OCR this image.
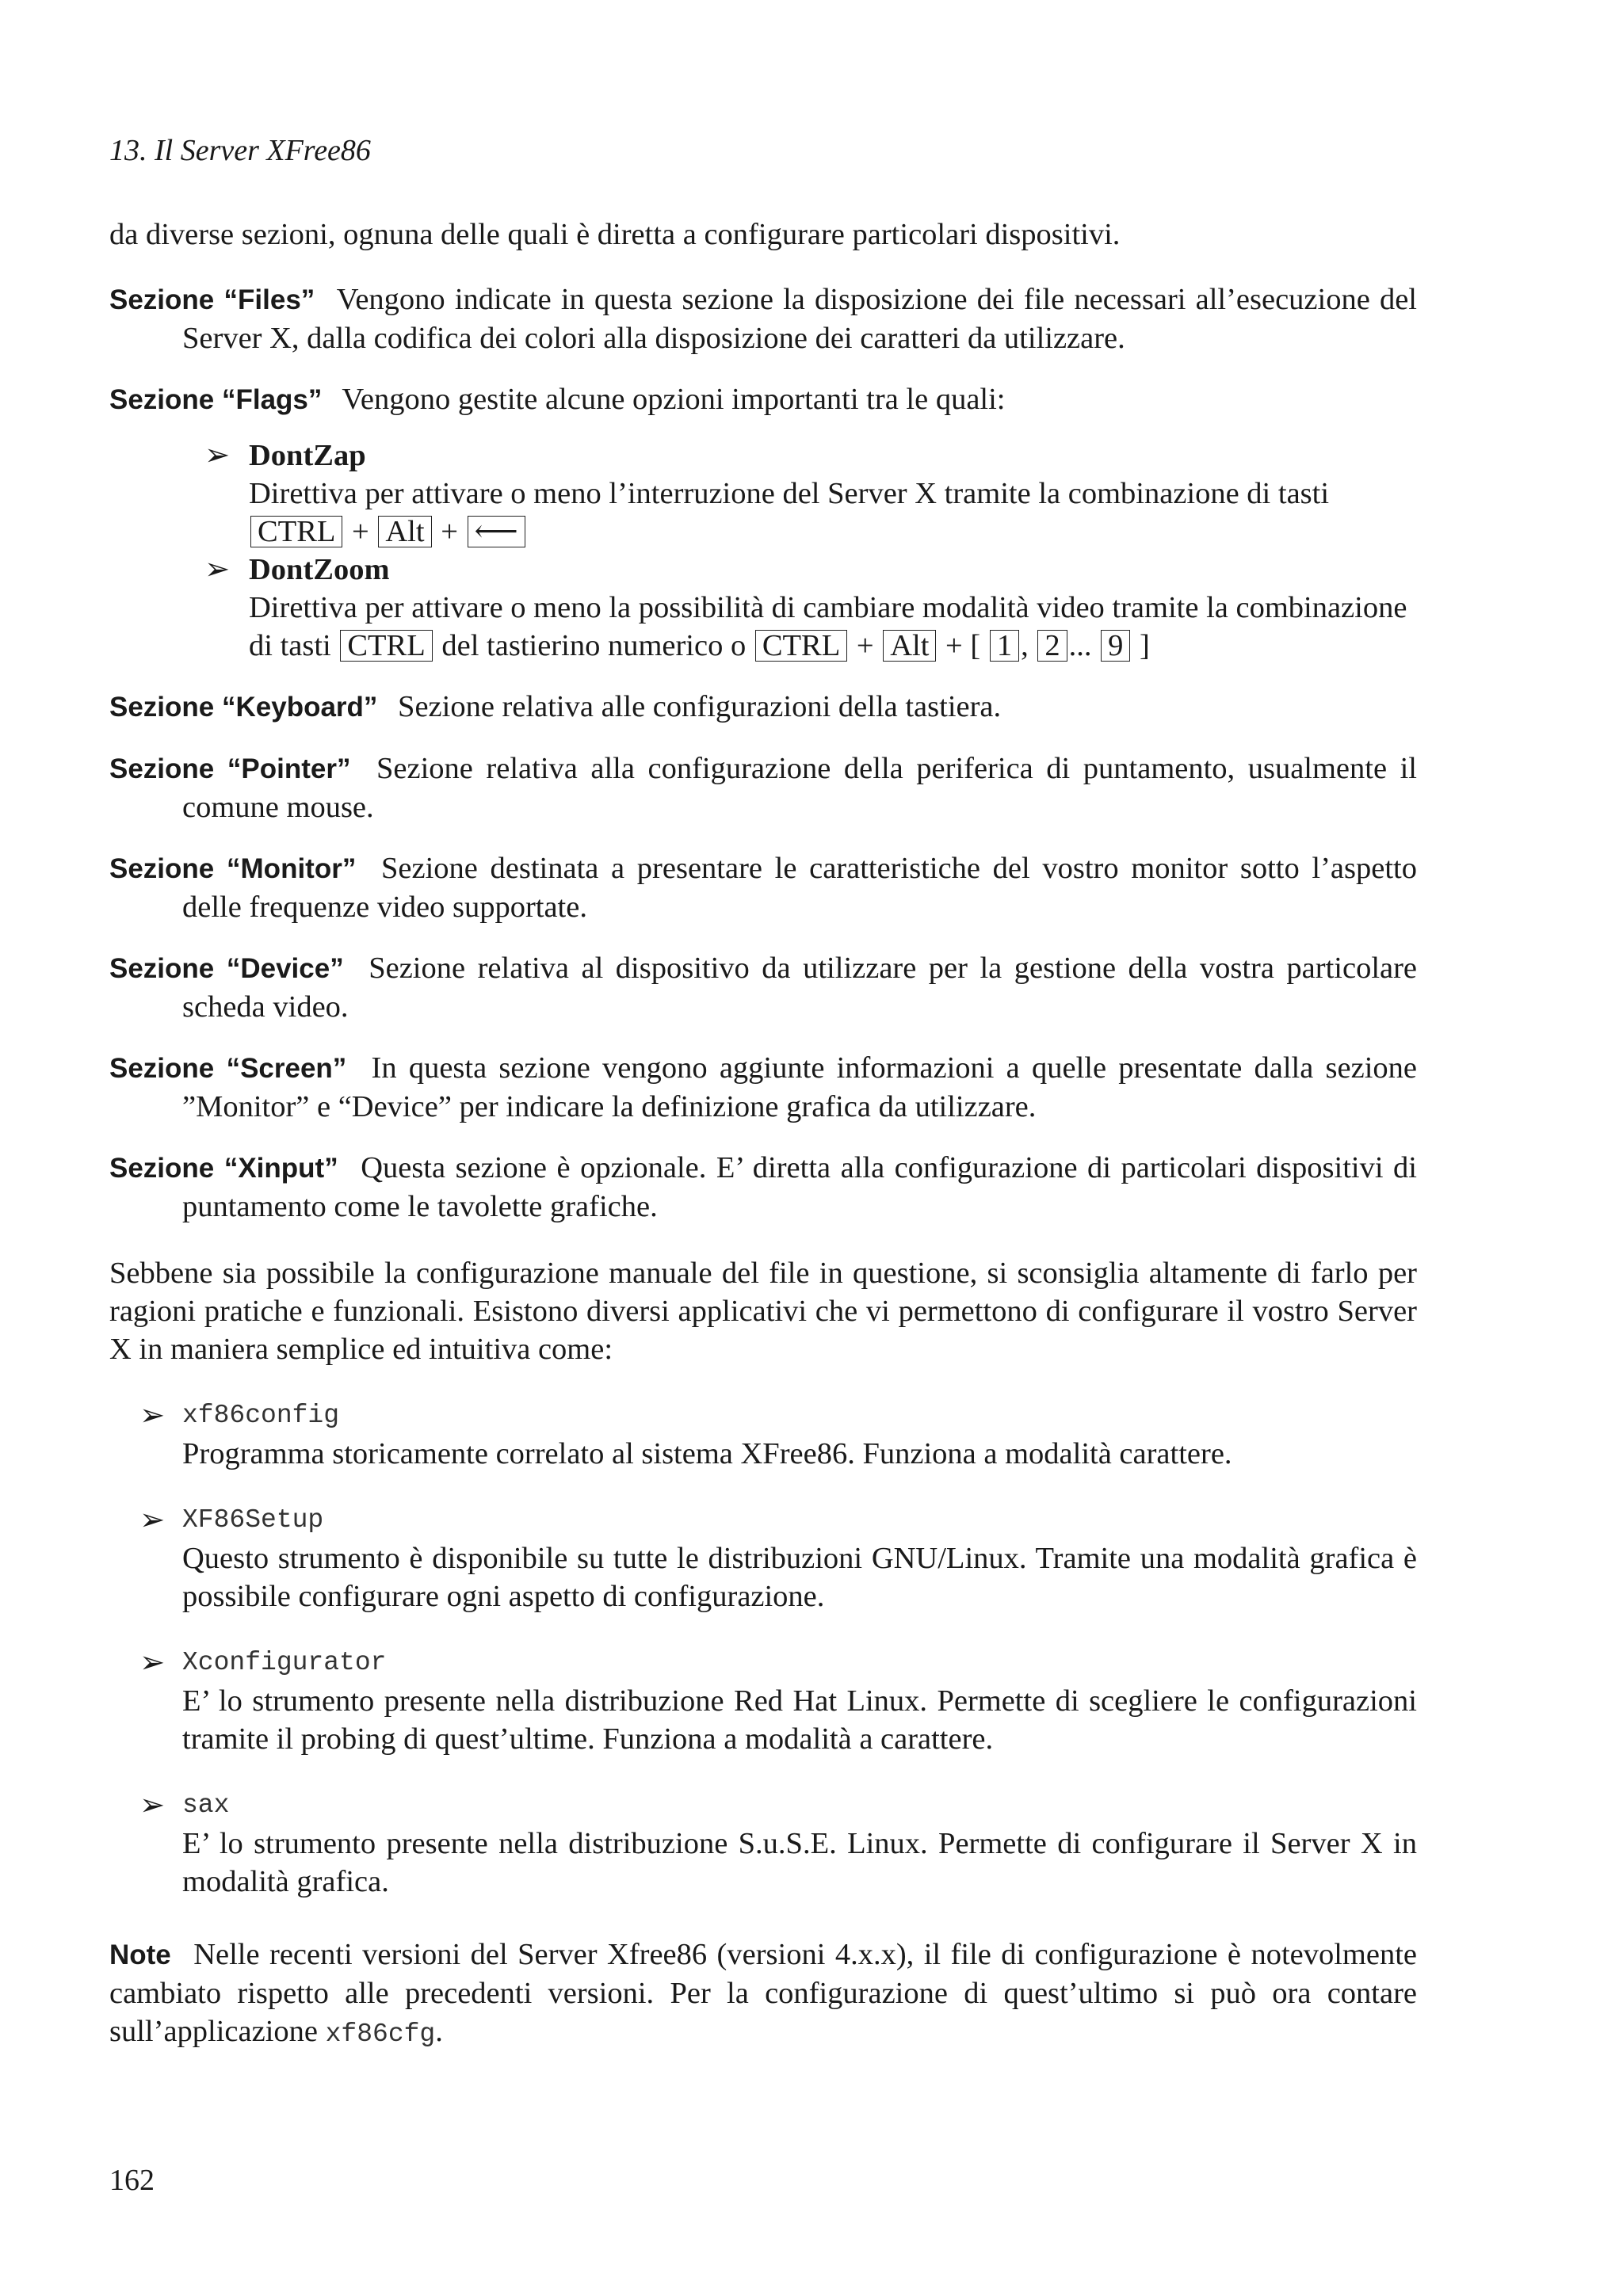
13. Il Server XFree86

da diverse sezioni, ognuna delle quali è diretta a configurare particolari dispositivi.

Sezione “Files” Vengono indicate in questa sezione la disposizione dei file necessari all’esecuzione del Server X, dalla codifica dei colori alla disposizione dei caratteri da utilizzare.

Sezione “Flags” Vengono gestite alcune opzioni importanti tra le quali:

➢ DontZap
Direttiva per attivare o meno l’interruzione del Server X tramite la combinazione di tasti
CTRL + Alt + ⟵
➢ DontZoom
Direttiva per attivare o meno la possibilità di cambiare modalità video tramite la combinazione di tasti CTRL del tastierino numerico o CTRL + Alt + [ 1 , 2 ... 9 ]

Sezione “Keyboard” Sezione relativa alle configurazioni della tastiera.

Sezione “Pointer” Sezione relativa alla configurazione della periferica di puntamento, usualmente il comune mouse.

Sezione “Monitor” Sezione destinata a presentare le caratteristiche del vostro monitor sotto l’aspetto delle frequenze video supportate.

Sezione “Device” Sezione relativa al dispositivo da utilizzare per la gestione della vostra particolare scheda video.

Sezione “Screen” In questa sezione vengono aggiunte informazioni a quelle presentate dalla sezione ”Monitor” e “Device” per indicare la definizione grafica da utilizzare.

Sezione “Xinput” Questa sezione è opzionale. E’ diretta alla configurazione di particolari dispositivi di puntamento come le tavolette grafiche.

Sebbene sia possibile la configurazione manuale del file in questione, si sconsiglia altamente di farlo per ragioni pratiche e funzionali. Esistono diversi applicativi che vi permettono di configurare il vostro Server X in maniera semplice ed intuitiva come:

➢ xf86config
Programma storicamente correlato al sistema XFree86. Funziona a modalità carattere.
➢ XF86Setup
Questo strumento è disponibile su tutte le distribuzioni GNU/Linux. Tramite una modalità grafica è possibile configurare ogni aspetto di configurazione.
➢ Xconfigurator
E’ lo strumento presente nella distribuzione Red Hat Linux. Permette di scegliere le configurazioni tramite il probing di quest’ultime. Funziona a modalità a carattere.
➢ sax
E’ lo strumento presente nella distribuzione S.u.S.E. Linux. Permette di configurare il Server X in modalità grafica.

Note Nelle recenti versioni del Server Xfree86 (versioni 4.x.x), il file di configurazione è notevolmente cambiato rispetto alle precedenti versioni. Per la configurazione di quest’ultimo si può ora contare sull’applicazione xf86cfg.

162
